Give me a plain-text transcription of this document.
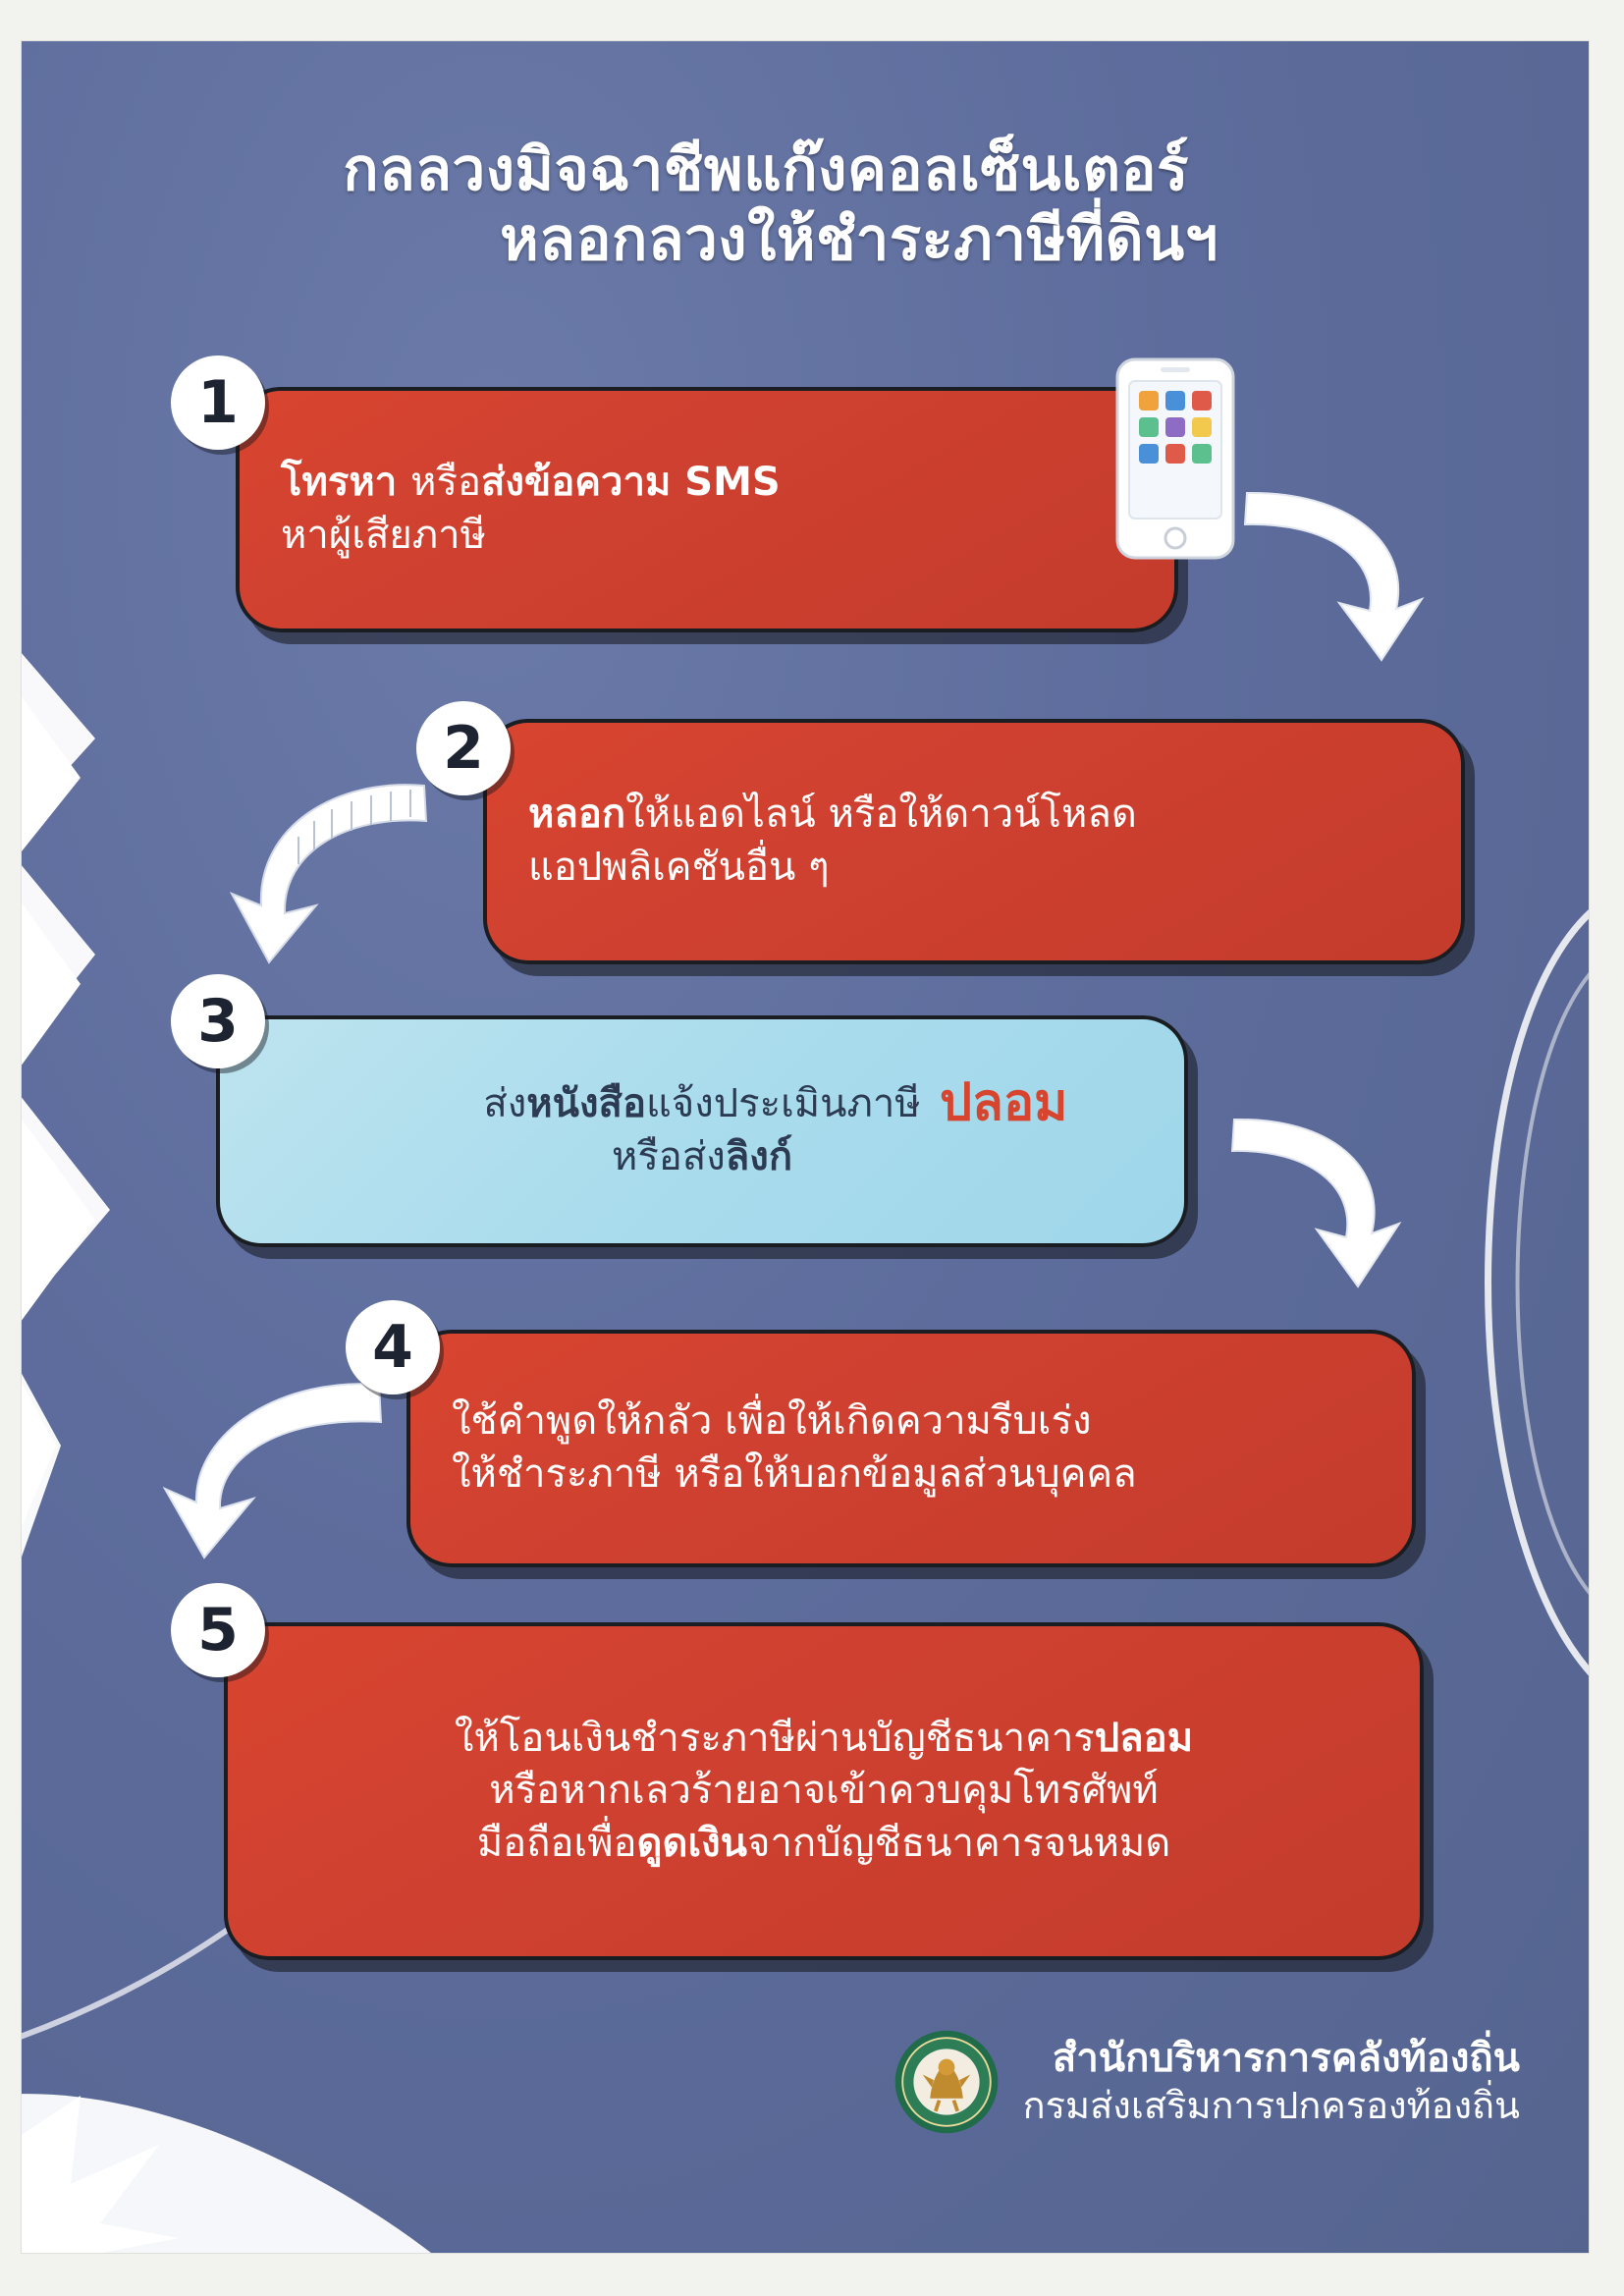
กลลวงมิจฉาชีพแก๊งคอลเซ็นเตอร์
หลอกลวงให้ชำระภาษีที่ดินฯ
1

โทรหา หรือส่งข้อความ SMS

หาผู้เสียภาษี

2

หลอกให้แอดไลน์ หรือให้ดาวน์โหลด

แอปพลิเคชันอื่น ๆ

3

ส่งหนังสือแจ้งประเมินภาษี

หรือส่งลิงก์

ปลอม
4

ใช้คำพูดให้กลัว เพื่อให้เกิดความรีบเร่ง

ให้ชำระภาษี หรือให้บอกข้อมูลส่วนบุคคล

5

ให้โอนเงินชำระภาษีผ่านบัญชีธนาคารปลอม

หรือหากเลวร้ายอาจเข้าควบคุมโทรศัพท์

มือถือเพื่อดูดเงินจากบัญชีธนาคารจนหมด

สำนักบริหารการคลังท้องถิ่น
กรมส่งเสริมการปกครองท้องถิ่น
